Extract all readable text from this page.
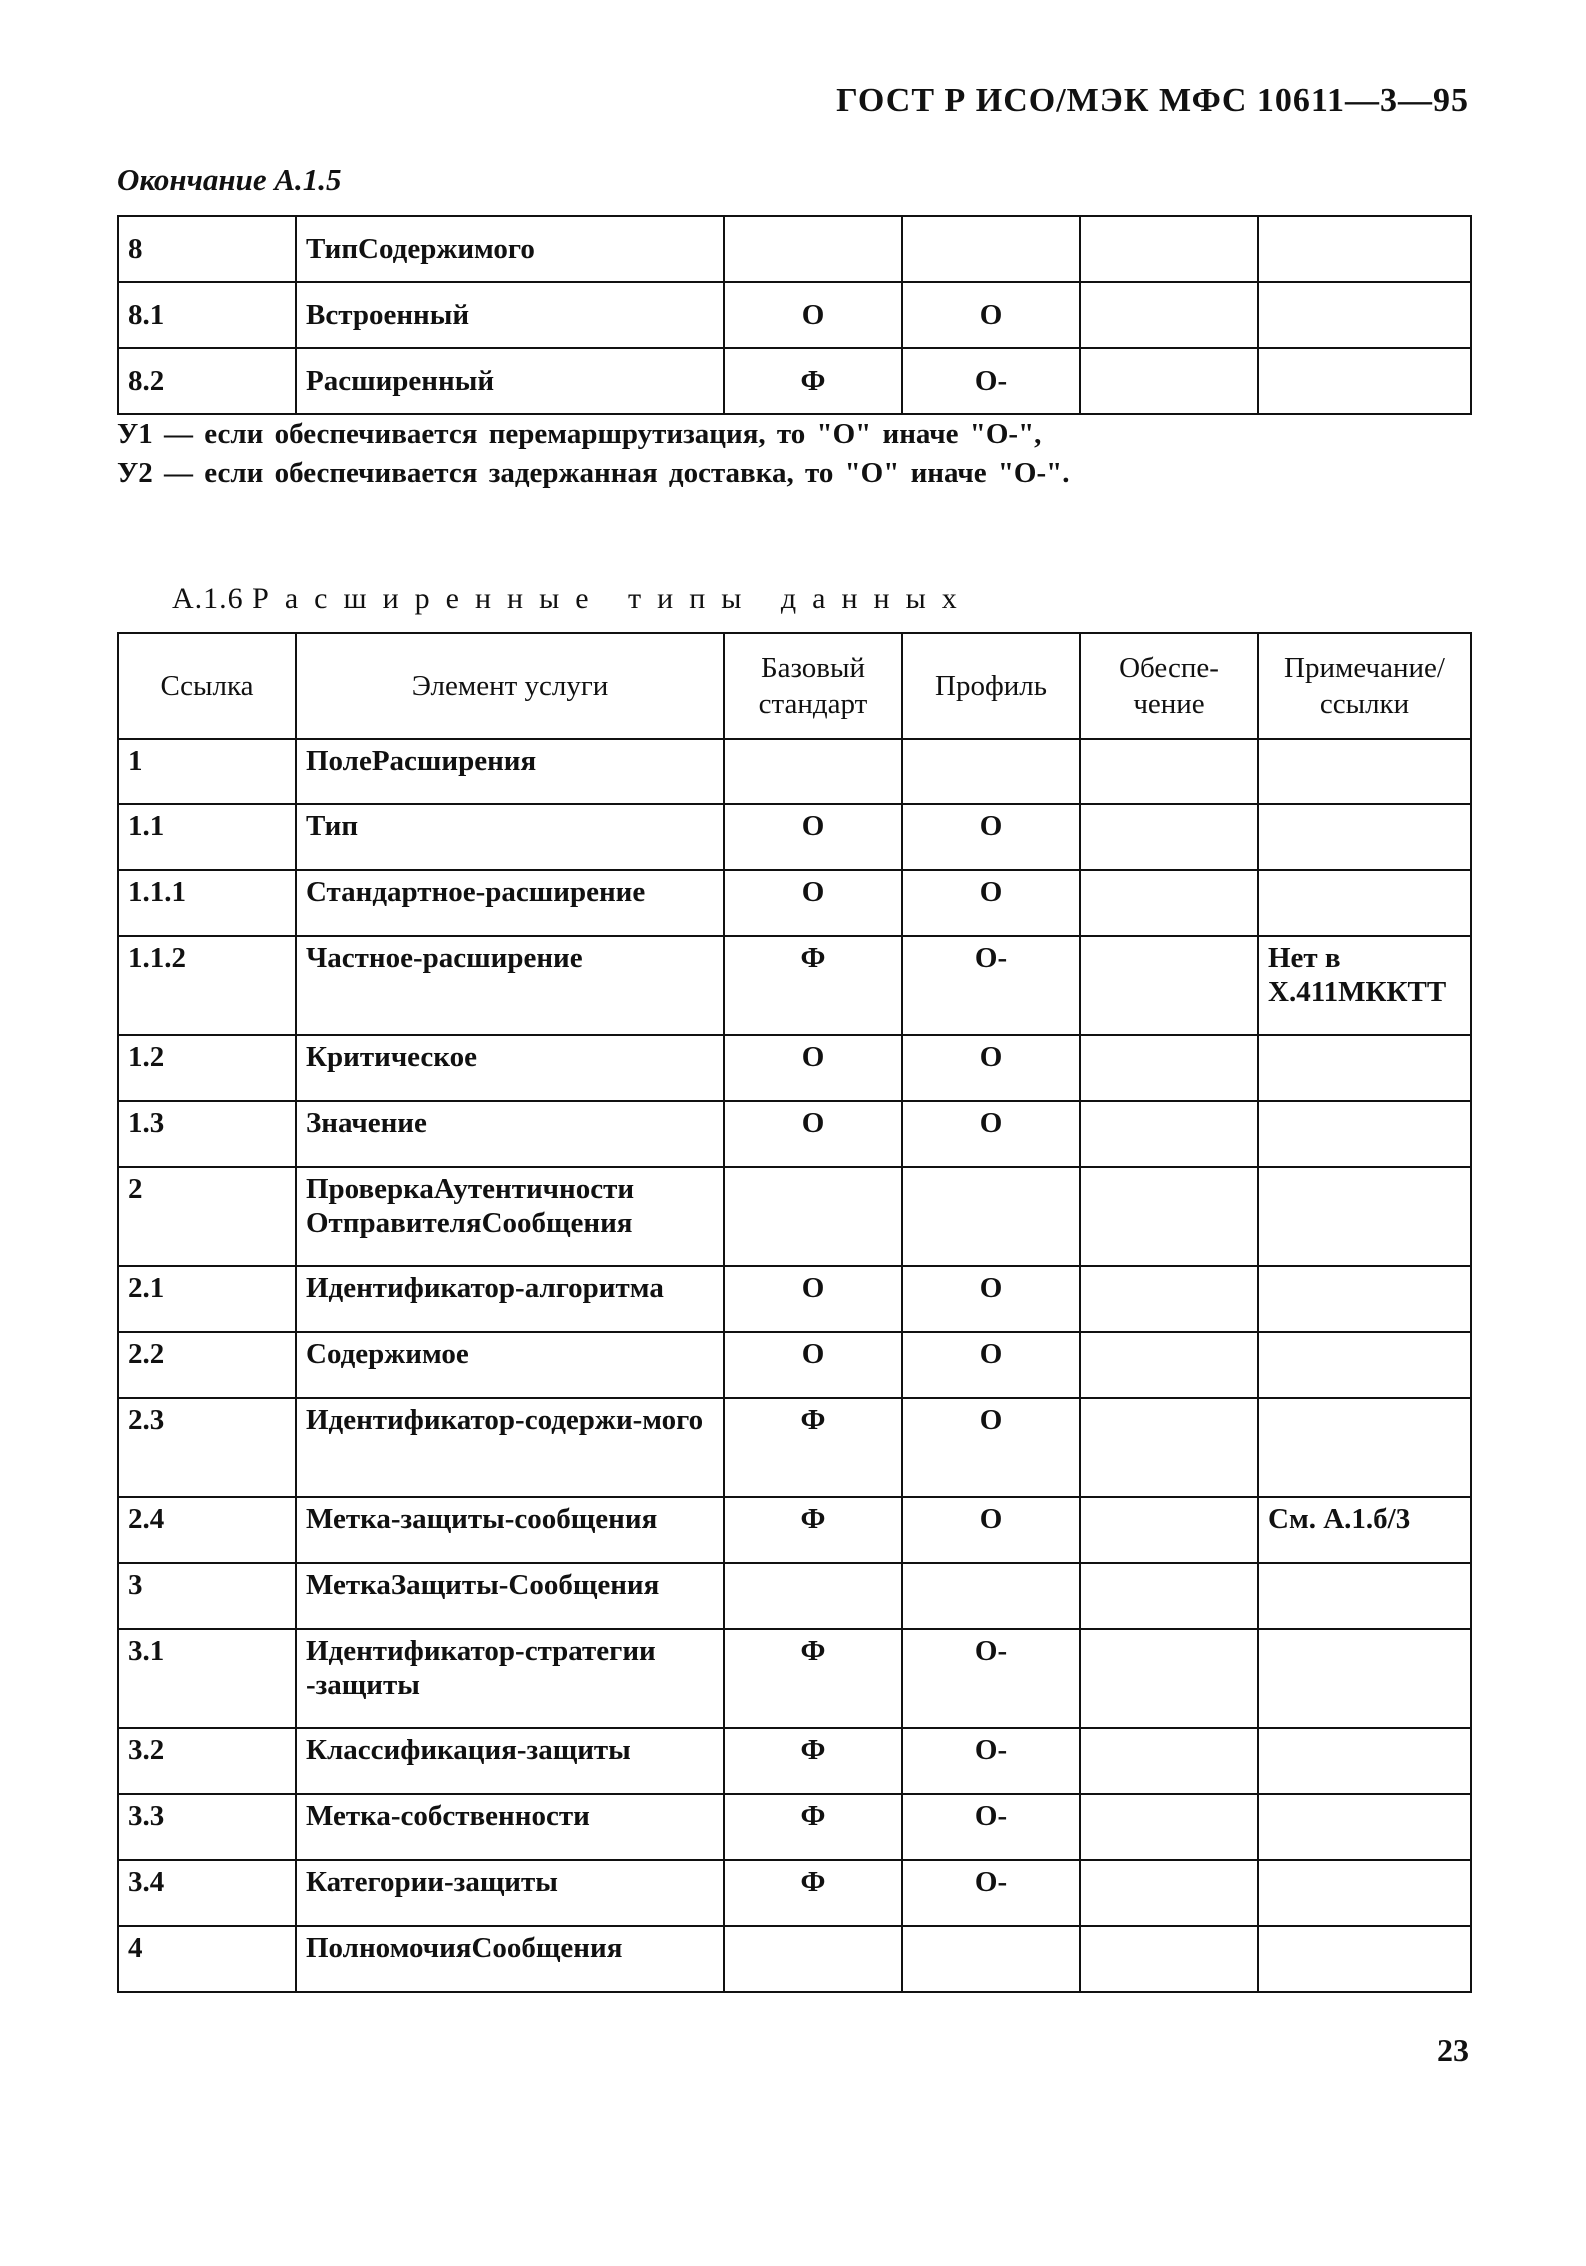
ГОСТ Р ИСО/МЭК МФС 10611—3—95
Окончание А.1.5
8	ТипСодержимого				
8.1	Встроенный	О	О		
8.2	Расширенный	Ф	О-		
У1 — если обеспечивается перемаршрутизация, то "О" иначе "О-",
У2 — если обеспечивается задержанная доставка, то "О" иначе "О-".
А.1.6 Расширенные типы данных
Ссылка	Элемент услуги	Базовый стандарт	Профиль	Обеспе-чение	Примечание/ссылки
1	ПолеРасширения				
1.1	Тип	О	О		
1.1.1	Стандартное-расширение	О	О		
1.1.2	Частное-расширение	Ф	О-		Нет в X.411МККТТ
1.2	Критическое	О	О		
1.3	Значение	О	О		
2	ПроверкаАутентичности ОтправителяСообщения				
2.1	Идентификатор-алгоритма	О	О		
2.2	Содержимое	О	О		
2.3	Идентификатор-содержи-мого	Ф	О		
2.4	Метка-защиты-сообщения	Ф	О		См. А.1.б/3
3	МеткаЗащиты-Сообщения				
3.1	Идентификатор-стратегии -защиты	Ф	О-		
3.2	Классификация-защиты	Ф	О-		
3.3	Метка-собственности	Ф	О-		
3.4	Категории-защиты	Ф	О-		
4	ПолномочияСообщения				
23
